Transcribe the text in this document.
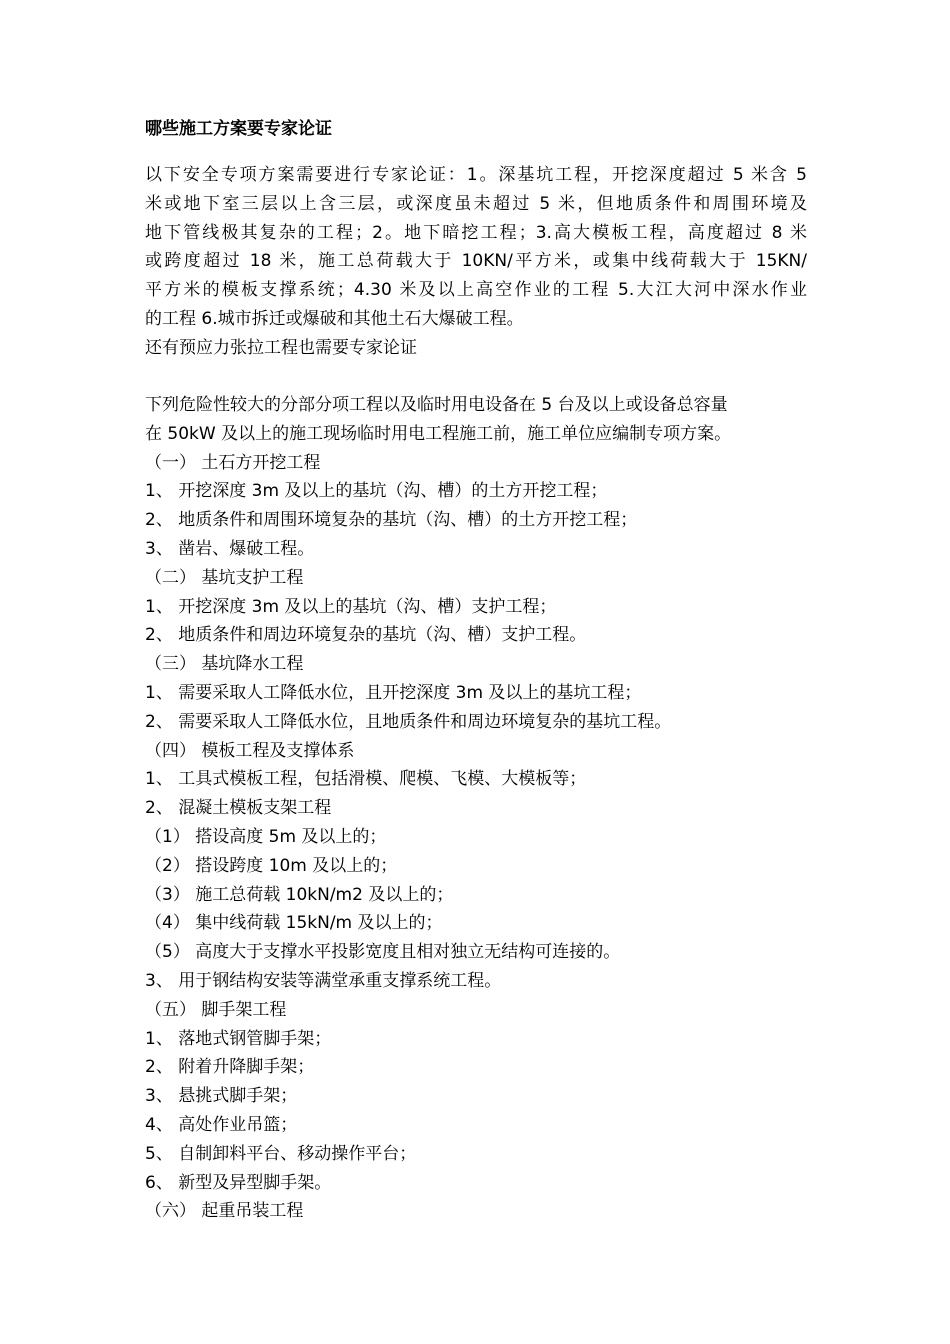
哪些施工方案要专家论证
以下安全专项方案需要进行专家论证：1。深基坑工程，开挖深度超过 5 米含 5
米或地下室三层以上含三层，或深度虽未超过 5 米，但地质条件和周围环境及
地下管线极其复杂的工程；2。地下暗挖工程；3.高大模板工程，高度超过 8 米
或跨度超过 18 米，施工总荷载大于 10KN/平方米，或集中线荷载大于 15KN/
平方米的模板支撑系统；4.30 米及以上高空作业的工程 5.大江大河中深水作业
的工程 6.城市拆迁或爆破和其他土石大爆破工程。
还有预应力张拉工程也需要专家论证
下列危险性较大的分部分项工程以及临时用电设备在 5 台及以上或设备总容量
在 50kW 及以上的施工现场临时用电工程施工前，施工单位应编制专项方案。
（一） 土石方开挖工程
1、 开挖深度 3m 及以上的基坑（沟、槽）的土方开挖工程；
2、 地质条件和周围环境复杂的基坑（沟、槽）的土方开挖工程；
3、 凿岩、爆破工程。
（二） 基坑支护工程
1、 开挖深度 3m 及以上的基坑（沟、槽）支护工程；
2、 地质条件和周边环境复杂的基坑（沟、槽）支护工程。
（三） 基坑降水工程
1、 需要采取人工降低水位，且开挖深度 3m 及以上的基坑工程；
2、 需要采取人工降低水位，且地质条件和周边环境复杂的基坑工程。
（四） 模板工程及支撑体系
1、 工具式模板工程，包括滑模、爬模、飞模、大模板等；
2、 混凝土模板支架工程
（1） 搭设高度 5m 及以上的；
（2） 搭设跨度 10m 及以上的；
（3） 施工总荷载 10kN/m2 及以上的；
（4） 集中线荷载 15kN/m 及以上的；
（5） 高度大于支撑水平投影宽度且相对独立无结构可连接的。
3、 用于钢结构安装等满堂承重支撑系统工程。
（五） 脚手架工程
1、 落地式钢管脚手架；
2、 附着升降脚手架；
3、 悬挑式脚手架；
4、 高处作业吊篮；
5、 自制卸料平台、移动操作平台；
6、 新型及异型脚手架。
（六） 起重吊装工程
